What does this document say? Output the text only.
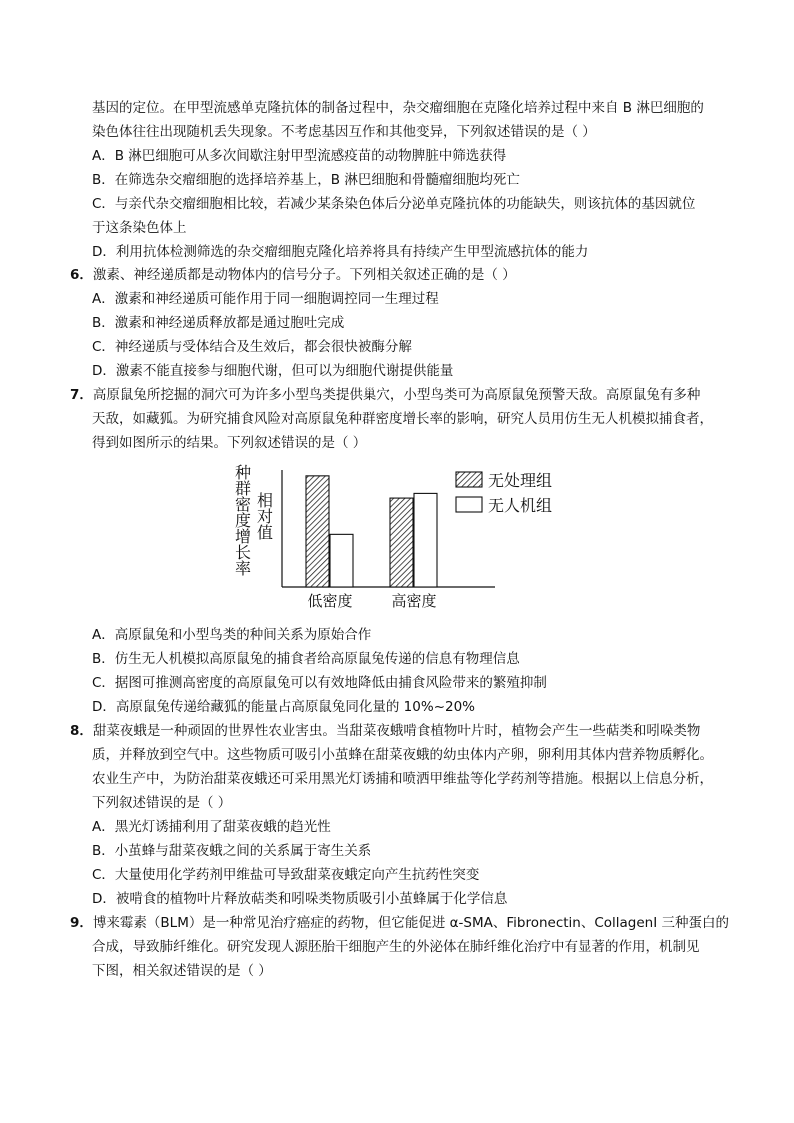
基因的定位。在甲型流感单克隆抗体的制备过程中，杂交瘤细胞在克隆化培养过程中来自 B 淋巴细胞的
染色体往往出现随机丢失现象。不考虑基因互作和其他变异，下列叙述错误的是（ ）
A．B 淋巴细胞可从多次间歇注射甲型流感疫苗的动物脾脏中筛选获得
B．在筛选杂交瘤细胞的选择培养基上，B 淋巴细胞和骨髓瘤细胞均死亡
C．与亲代杂交瘤细胞相比较，若减少某条染色体后分泌单克隆抗体的功能缺失，则该抗体的基因就位
于这条染色体上
D．利用抗体检测筛选的杂交瘤细胞克隆化培养将具有持续产生甲型流感抗体的能力
6．激素、神经递质都是动物体内的信号分子。下列相关叙述正确的是（ ）
A．激素和神经递质可能作用于同一细胞调控同一生理过程
B．激素和神经递质释放都是通过胞吐完成
C．神经递质与受体结合及生效后，都会很快被酶分解
D．激素不能直接参与细胞代谢，但可以为细胞代谢提供能量
7．高原鼠兔所挖掘的洞穴可为许多小型鸟类提供巢穴，小型鸟类可为高原鼠兔预警天敌。高原鼠兔有多种
天敌，如藏狐。为研究捕食风险对高原鼠兔种群密度增长率的影响，研究人员用仿生无人机模拟捕食者，
得到如图所示的结果。下列叙述错误的是（ ）
种群密度增长率 相对值
低密度	高密度
无处理组
无人机组
A．高原鼠兔和小型鸟类的种间关系为原始合作
B．仿生无人机模拟高原鼠兔的捕食者给高原鼠兔传递的信息有物理信息
C．据图可推测高密度的高原鼠兔可以有效地降低由捕食风险带来的繁殖抑制
D．高原鼠兔传递给藏狐的能量占高原鼠兔同化量的 10%~20%
8．甜菜夜蛾是一种顽固的世界性农业害虫。当甜菜夜蛾啃食植物叶片时，植物会产生一些萜类和吲哚类物
质，并释放到空气中。这些物质可吸引小茧蜂在甜菜夜蛾的幼虫体内产卵，卵利用其体内营养物质孵化。
农业生产中，为防治甜菜夜蛾还可采用黑光灯诱捕和喷洒甲维盐等化学药剂等措施。根据以上信息分析，
下列叙述错误的是（ ）
A．黑光灯诱捕利用了甜菜夜蛾的趋光性
B．小茧蜂与甜菜夜蛾之间的关系属于寄生关系
C．大量使用化学药剂甲维盐可导致甜菜夜蛾定向产生抗药性突变
D．被啃食的植物叶片释放萜类和吲哚类物质吸引小茧蜂属于化学信息
9．博来霉素（BLM）是一种常见治疗癌症的药物，但它能促进 α-SMA、Fibronectin、CollagenI 三种蛋白的
合成，导致肺纤维化。研究发现人源胚胎干细胞产生的外泌体在肺纤维化治疗中有显著的作用，机制见
下图，相关叙述错误的是（ ）
